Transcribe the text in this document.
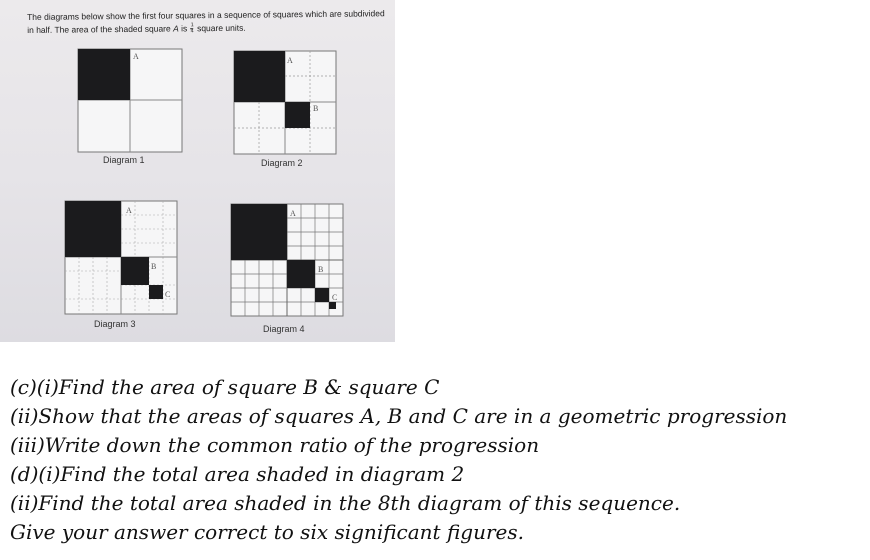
The diagrams below show the first four squares in a sequence of squares which are subdivided in half. The area of the shaded square A is $\frac{1}{4}$ square units.
A
Diagram 1
A
B
Diagram 2
A
B
C
Diagram 3
A
B
C
Diagram 4
(c)(i)Find the area of square B & square C
(ii)Show that the areas of squares A, B and C are in a geometric progression
(iii)Write down the common ratio of the progression
(d)(i)Find the total area shaded in diagram 2
(ii)Find the total area shaded in the 8th diagram of this sequence.
Give your answer correct to six significant figures.
